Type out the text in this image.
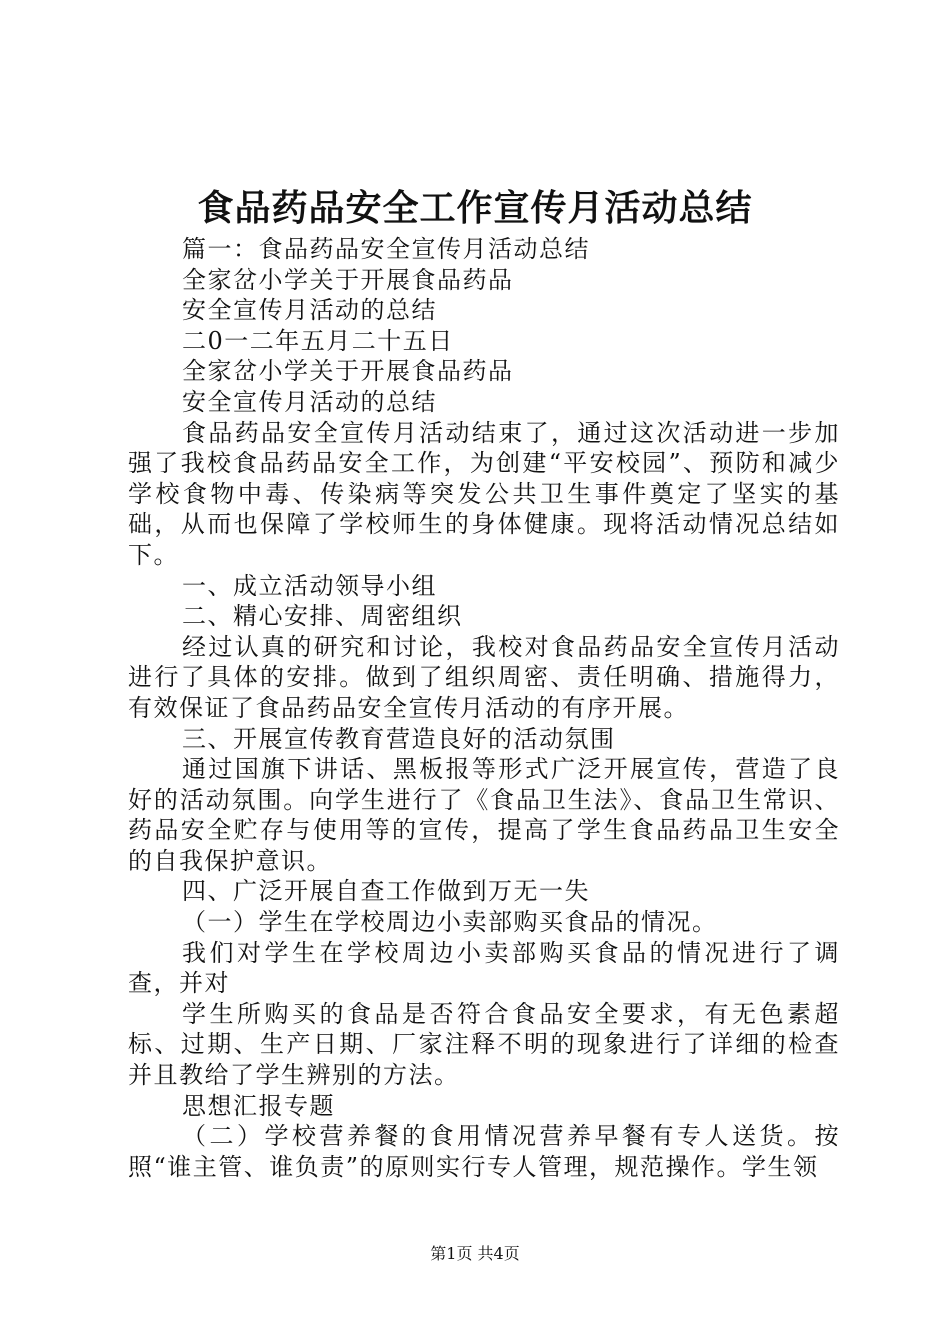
食品药品安全工作宣传月活动总结

篇一：食品药品安全宣传月活动总结

全家岔小学关于开展食品药品

安全宣传月活动的总结

二0一二年五月二十五日

全家岔小学关于开展食品药品

安全宣传月活动的总结

食品药品安全宣传月活动结束了，通过这次活动进一步加强了我校食品药品安全工作，为创建“平安校园”、预防和减少学校食物中毒、传染病等突发公共卫生事件奠定了坚实的基础，从而也保障了学校师生的身体健康。现将活动情况总结如下。

一、成立活动领导小组

二、精心安排、周密组织

经过认真的研究和讨论，我校对食品药品安全宣传月活动进行了具体的安排。做到了组织周密、责任明确、措施得力，有效保证了食品药品安全宣传月活动的有序开展。

三、开展宣传教育营造良好的活动氛围

通过国旗下讲话、黑板报等形式广泛开展宣传，营造了良好的活动氛围。向学生进行了《食品卫生法》、食品卫生常识、药品安全贮存与使用等的宣传，提高了学生食品药品卫生安全的自我保护意识。

四、广泛开展自查工作做到万无一失

（一）学生在学校周边小卖部购买食品的情况。

我们对学生在学校周边小卖部购买食品的情况进行了调查，并对

学生所购买的食品是否符合食品安全要求，有无色素超标、过期、生产日期、厂家注释不明的现象进行了详细的检查并且教给了学生辨别的方法。

思想汇报专题

（二）学校营养餐的食用情况营养早餐有专人送货。按照“谁主管、谁负责”的原则实行专人管理，规范操作。学生领

第1页 共4页
